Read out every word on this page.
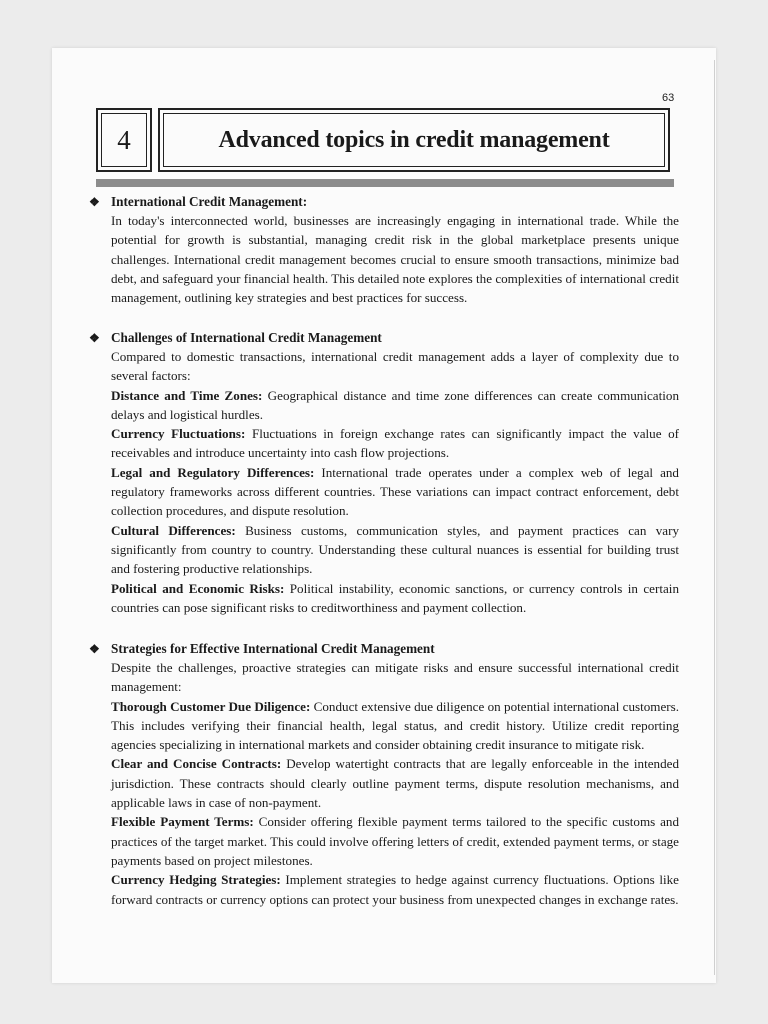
63
4	Advanced topics in credit management
❖ International Credit Management:

In today's interconnected world, businesses are increasingly engaging in international trade. While the potential for growth is substantial, managing credit risk in the global marketplace presents unique challenges. International credit management becomes crucial to ensure smooth transactions, minimize bad debt, and safeguard your financial health. This detailed note explores the complexities of international credit management, outlining key strategies and best practices for success.

❖ Challenges of International Credit Management

Compared to domestic transactions, international credit management adds a layer of complexity due to several factors:

Distance and Time Zones: Geographical distance and time zone differences can create communication delays and logistical hurdles.

Currency Fluctuations: Fluctuations in foreign exchange rates can significantly impact the value of receivables and introduce uncertainty into cash flow projections.

Legal and Regulatory Differences: International trade operates under a complex web of legal and regulatory frameworks across different countries. These variations can impact contract enforcement, debt collection procedures, and dispute resolution.

Cultural Differences: Business customs, communication styles, and payment practices can vary significantly from country to country. Understanding these cultural nuances is essential for building trust and fostering productive relationships.

Political and Economic Risks: Political instability, economic sanctions, or currency controls in certain countries can pose significant risks to creditworthiness and payment collection.

❖ Strategies for Effective International Credit Management

Despite the challenges, proactive strategies can mitigate risks and ensure successful international credit management:

Thorough Customer Due Diligence: Conduct extensive due diligence on potential international customers. This includes verifying their financial health, legal status, and credit history. Utilize credit reporting agencies specializing in international markets and consider obtaining credit insurance to mitigate risk.

Clear and Concise Contracts: Develop watertight contracts that are legally enforceable in the intended jurisdiction. These contracts should clearly outline payment terms, dispute resolution mechanisms, and applicable laws in case of non-payment.

Flexible Payment Terms: Consider offering flexible payment terms tailored to the specific customs and practices of the target market. This could involve offering letters of credit, extended payment terms, or stage payments based on project milestones.

Currency Hedging Strategies: Implement strategies to hedge against currency fluctuations. Options like forward contracts or currency options can protect your business from unexpected changes in exchange rates.
